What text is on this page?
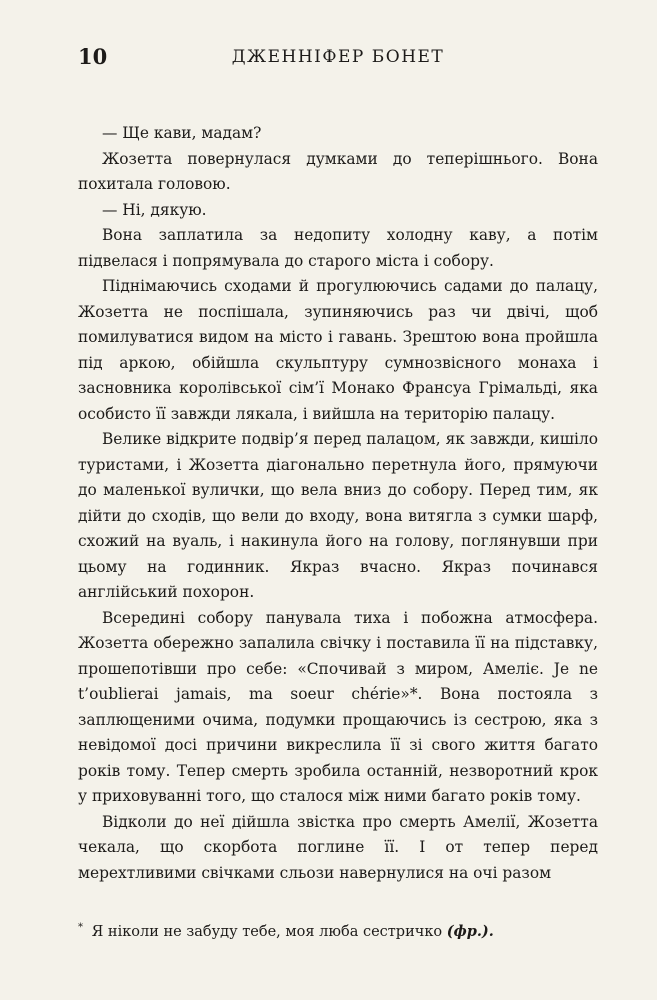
10	ДЖЕННІФЕР БОНЕТ

— Ще кави, мадам?

Жозетта повернулася думками до теперішнього. Вона похитала головою.

— Ні, дякую.

Вона заплатила за недопиту холодну каву, а потім підвелася і попрямувала до старого міста і собору.

Піднімаючись сходами й прогулюючись садами до палацу, Жозетта не поспішала, зупиняючись раз чи двічі, щоб помилуватися видом на місто і гавань. Зрештою вона пройшла під аркою, обійшла скульптуру сумнозвісного монаха і засновника королівської сім’ї Монако Франсуа Грімальді, яка особисто її завжди лякала, і вийшла на територію палацу.

Велике відкрите подвір’я перед палацом, як завжди, кишіло туристами, і Жозетта діагонально перетнула його, прямуючи до маленької вулички, що вела вниз до собору. Перед тим, як дійти до сходів, що вели до входу, вона витягла з сумки шарф, схожий на вуаль, і накинула його на голову, поглянувши при цьому на годинник. Якраз вчасно. Якраз починався англійський похорон.

Всередині собору панувала тиха і побожна атмосфера. Жозетта обережно запалила свічку і поставила її на підставку, прошепотівши про себе: «Спочивай з миром, Амеліє. Je ne t’oublierai jamais, ma soeur chérie»*. Вона постояла з заплющеними очима, подумки прощаючись із сестрою, яка з невідомої досі причини викреслила її зі свого життя багато років тому. Тепер смерть зробила останній, незворотний крок у приховуванні того, що сталося між ними багато років тому.

Відколи до неї дійшла звістка про смерть Амелії, Жозетта чекала, що скорбота поглине її. І от тепер перед мерехтливими свічками сльози навернулися на очі разом

* Я ніколи не забуду тебе, моя люба сестричко (фр.).
